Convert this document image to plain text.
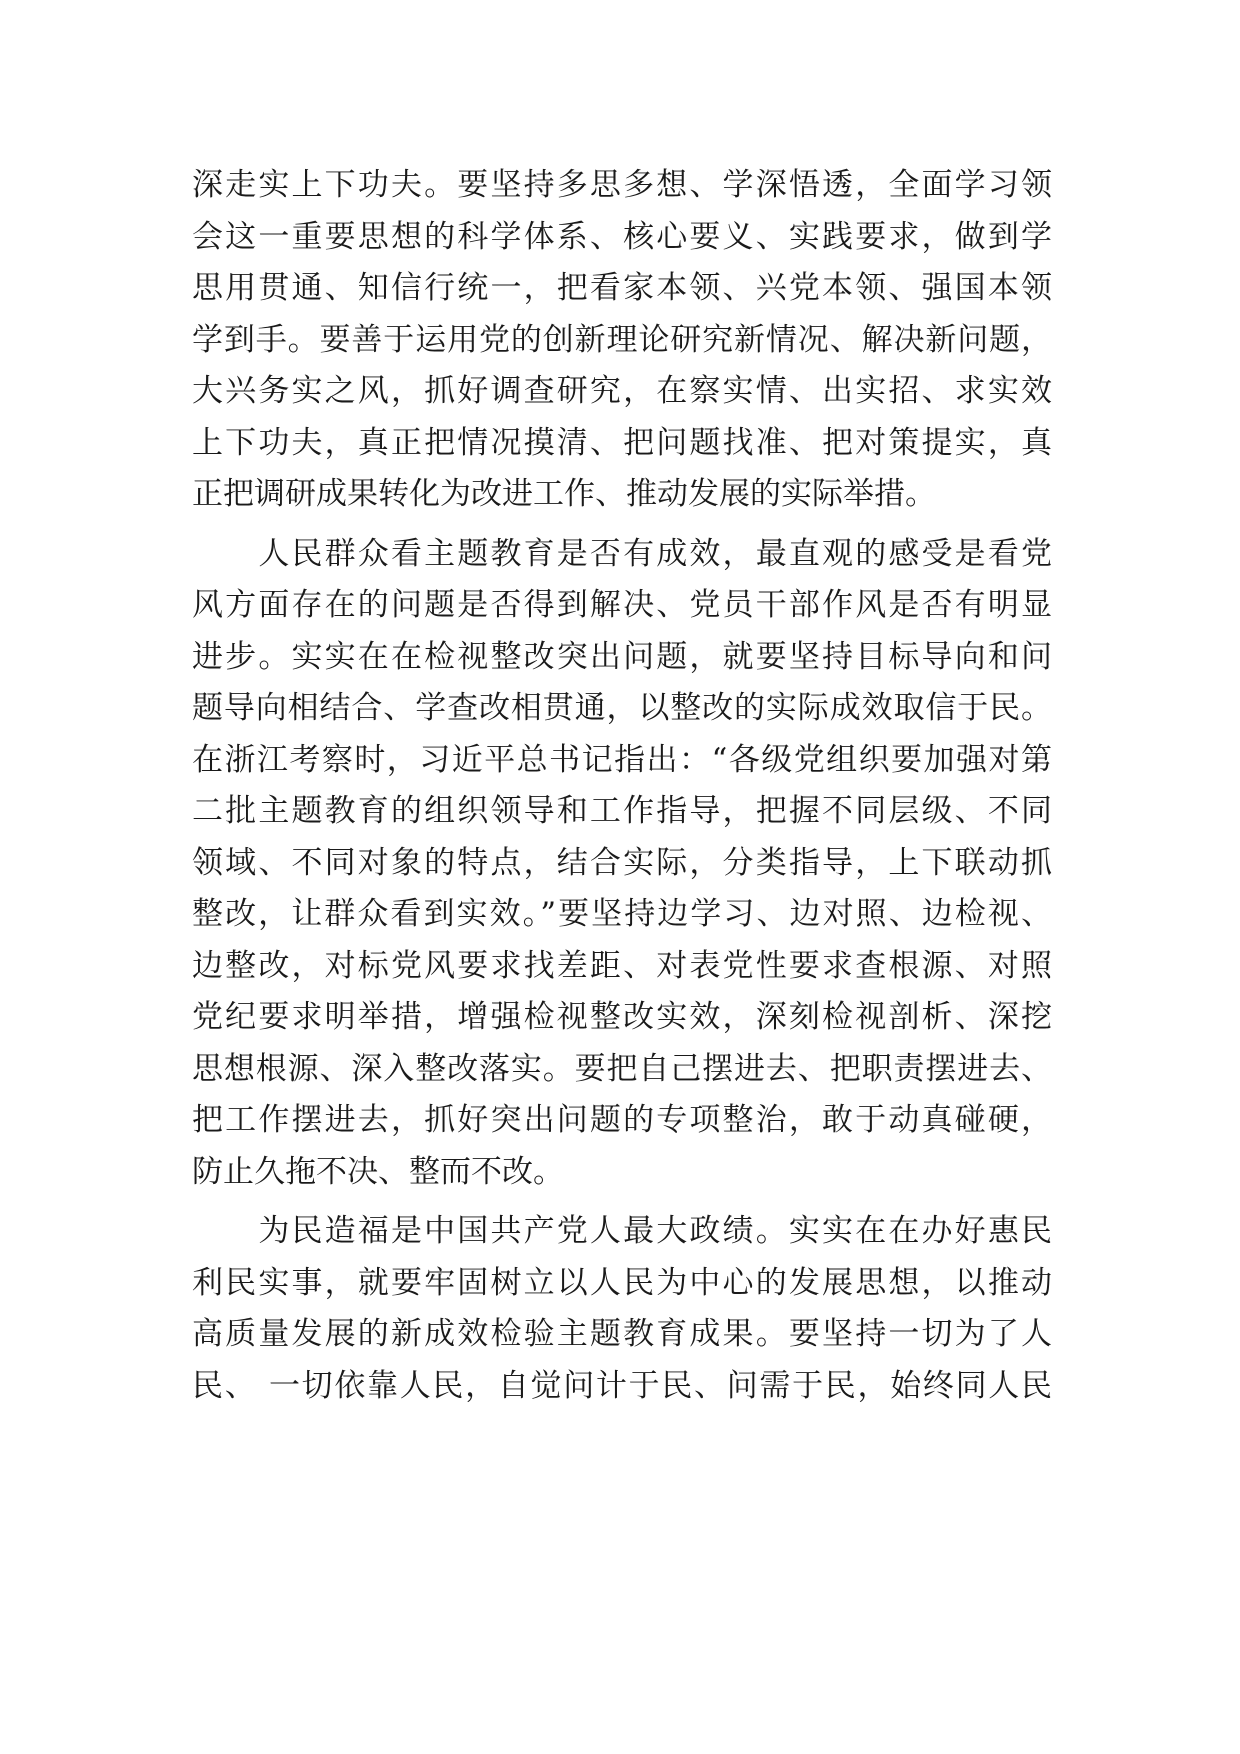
深走实上下功夫。要坚持多思多想、学深悟透，全面学习领
会这一重要思想的科学体系、核心要义、实践要求，做到学
思用贯通、知信行统一，把看家本领、兴党本领、强国本领
学到手。要善于运用党的创新理论研究新情况、解决新问题，
大兴务实之风，抓好调查研究，在察实情、出实招、求实效
上下功夫，真正把情况摸清、把问题找准、把对策提实，真
正把调研成果转化为改进工作、推动发展的实际举措。
　　人民群众看主题教育是否有成效，最直观的感受是看党
风方面存在的问题是否得到解决、党员干部作风是否有明显
进步。实实在在检视整改突出问题，就要坚持目标导向和问
题导向相结合、学查改相贯通，以整改的实际成效取信于民。
在浙江考察时，习近平总书记指出：“各级党组织要加强对第
二批主题教育的组织领导和工作指导，把握不同层级、不同
领域、不同对象的特点，结合实际，分类指导，上下联动抓
整改，让群众看到实效。”要坚持边学习、边对照、边检视、
边整改，对标党风要求找差距、对表党性要求查根源、对照
党纪要求明举措，增强检视整改实效，深刻检视剖析、深挖
思想根源、深入整改落实。要把自己摆进去、把职责摆进去、
把工作摆进去，抓好突出问题的专项整治，敢于动真碰硬，
防止久拖不决、整而不改。
　　为民造福是中国共产党人最大政绩。实实在在办好惠民
利民实事，就要牢固树立以人民为中心的发展思想，以推动
高质量发展的新成效检验主题教育成果。要坚持一切为了人
民、 一切依靠人民，自觉问计于民、问需于民，始终同人民
